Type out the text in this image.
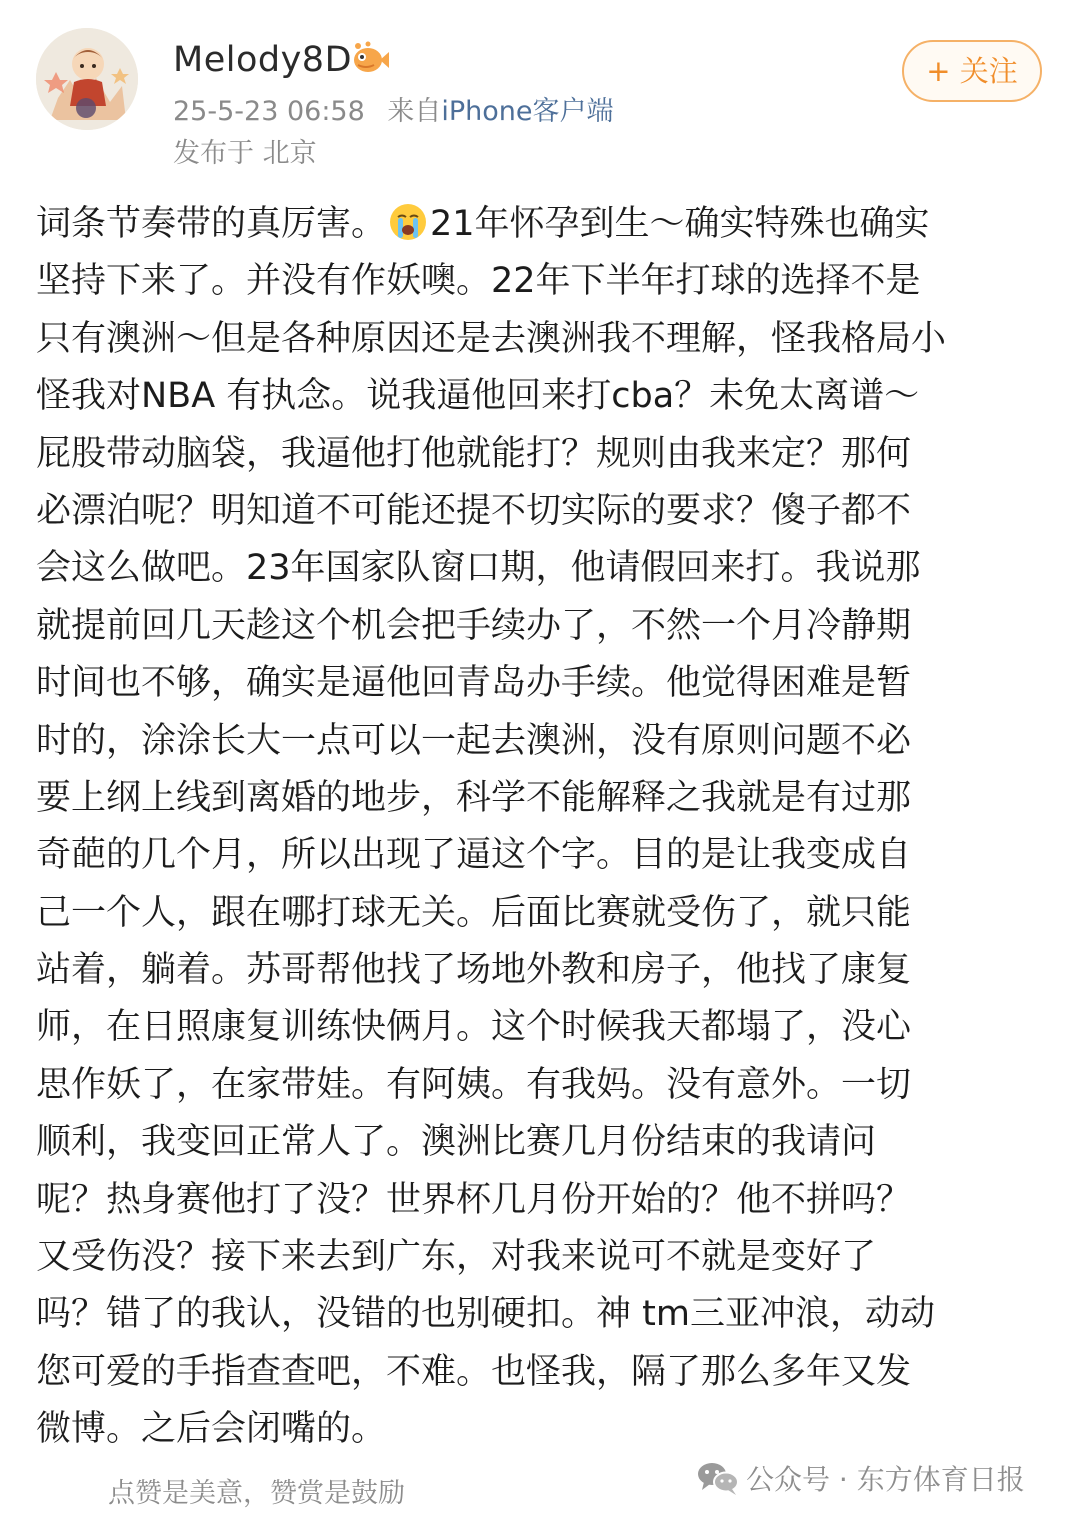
Melody8D
25-5-23 06:58 来自iPhone客户端
发布于 北京
+ 关注
词条节奏带的真厉害。 21年怀孕到生～确实特殊也确实
坚持下来了。并没有作妖噢。22年下半年打球的选择不是
只有澳洲～但是各种原因还是去澳洲我不理解，怪我格局小
怪我对NBA 有执念。说我逼他回来打cba？未免太离谱～
屁股带动脑袋，我逼他打他就能打？规则由我来定？那何
必漂泊呢？明知道不可能还提不切实际的要求？傻子都不
会这么做吧。23年国家队窗口期，他请假回来打。我说那
就提前回几天趁这个机会把手续办了，不然一个月冷静期
时间也不够，确实是逼他回青岛办手续。他觉得困难是暂
时的，涂涂长大一点可以一起去澳洲，没有原则问题不必
要上纲上线到离婚的地步，科学不能解释之我就是有过那
奇葩的几个月，所以出现了逼这个字。目的是让我变成自
己一个人，跟在哪打球无关。后面比赛就受伤了，就只能
站着，躺着。苏哥帮他找了场地外教和房子，他找了康复
师，在日照康复训练快俩月。这个时候我天都塌了，没心
思作妖了，在家带娃。有阿姨。有我妈。没有意外。一切
顺利，我变回正常人了。澳洲比赛几月份结束的我请问
呢？热身赛他打了没？世界杯几月份开始的？他不拼吗？
又受伤没？接下来去到广东，对我来说可不就是变好了
吗？错了的我认，没错的也别硬扣。神 tm三亚冲浪，动动
您可爱的手指查查吧，不难。也怪我，隔了那么多年又发
微博。之后会闭嘴的。
点赞是美意，赞赏是鼓励	公众号 · 东方体育日报
